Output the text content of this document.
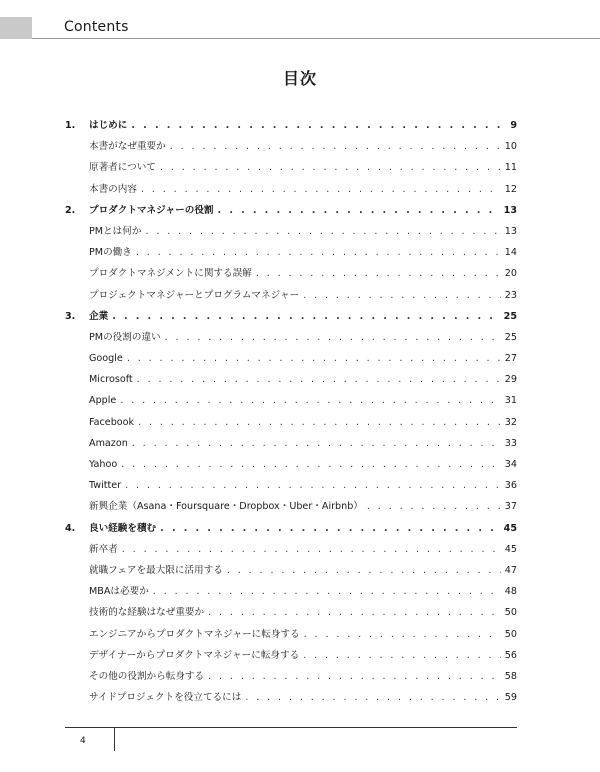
Contents
目次
1.	はじめに . . .	9
本書がなぜ重要か . . .	10
原著者について . . .	11
本書の内容 . . .	12
2.	プロダクトマネジャーの役割 . . .	13
PMとは何か . . .	13
PMの働き . . .	14
プロダクトマネジメントに関する誤解 . . .	20
プロジェクトマネジャーとプログラムマネジャー . . .	23
3.	企業 . . .	25
PMの役割の違い . . .	25
Google . . .	27
Microsoft . . .	29
Apple . . .	31
Facebook . . .	32
Amazon . . .	33
Yahoo . . .	34
Twitter . . .	36
新興企業（Asana・Foursquare・Dropbox・Uber・Airbnb） . . .	37
4.	良い経験を積む . . .	45
新卒者 . . .	45
就職フェアを最大限に活用する . . .	47
MBAは必要か . . .	48
技術的な経験はなぜ重要か . . .	50
エンジニアからプロダクトマネジャーに転身する . . .	50
デザイナーからプロダクトマネジャーに転身する . . .	56
その他の役割から転身する . . .	58
サイドプロジェクトを役立てるには . . .	59
4
